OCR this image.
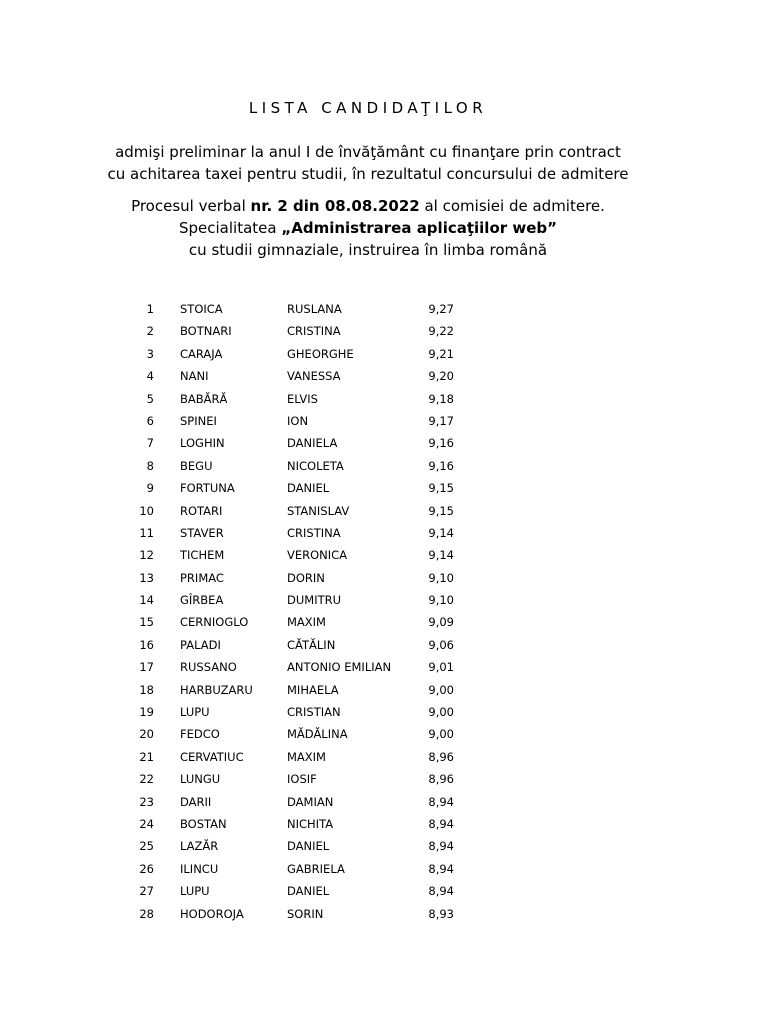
LISTA CANDIDAŢILOR
admişi preliminar la anul I de învăţământ cu finanţare prin contract
cu achitarea taxei pentru studii, în rezultatul concursului de admitere
Procesul verbal nr. 2 din 08.08.2022 al comisiei de admitere.
Specialitatea „Administrarea aplicaţiilor web”
cu studii gimnaziale, instruirea în limba română
1 STOICA	RUSLANA	9,27
2 BOTNARI	CRISTINA	9,22
3 CARAJA	GHEORGHE	9,21
4 NANI	VANESSA	9,20
5 BABĂRĂ	ELVIS	9,18
6 SPINEI	ION	9,17
7 LOGHIN	DANIELA	9,16
8 BEGU	NICOLETA	9,16
9 FORTUNA	DANIEL	9,15
10 ROTARI	STANISLAV	9,15
11 STAVER	CRISTINA	9,14
12 TICHEM	VERONICA	9,14
13 PRIMAC	DORIN	9,10
14 GÎRBEA	DUMITRU	9,10
15 CERNIOGLO	MAXIM	9,09
16 PALADI	CĂTĂLIN	9,06
17 RUSSANO	ANTONIO EMILIAN	9,01
18 HARBUZARU	MIHAELA	9,00
19 LUPU	CRISTIAN	9,00
20 FEDCO	MĂDĂLINA	9,00
21 CERVATIUC	MAXIM	8,96
22 LUNGU	IOSIF	8,96
23 DARII	DAMIAN	8,94
24 BOSTAN	NICHITA	8,94
25 LAZĂR	DANIEL	8,94
26 ILINCU	GABRIELA	8,94
27 LUPU	DANIEL	8,94
28 HODOROJA	SORIN	8,93
